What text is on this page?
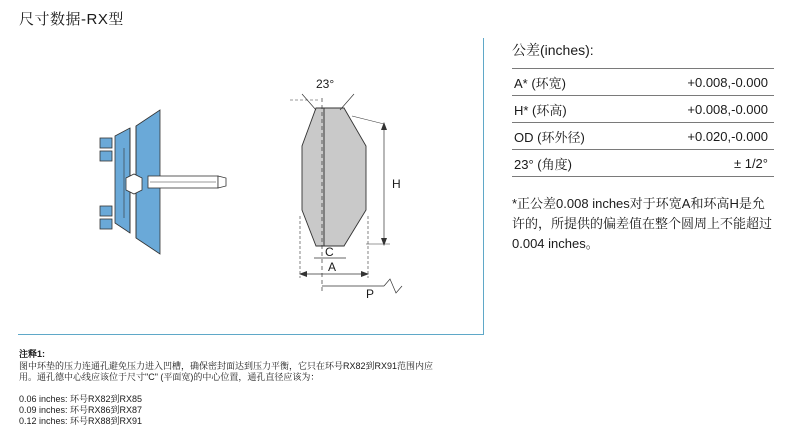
尺寸数据-RX型
23°
H
C
A
P
公差(inches):
A* (环宽)	+0.008,-0.000
H* (环高)	+0.008,-0.000
OD (环外径)	+0.020,-0.000
23° (角度)	± 1/2°
*正公差0.008 inches对于环宽A和环高H是允许的，所提供的偏差值在整个圆周上不能超过0.004 inches。
注释1:

图中环垫的压力连通孔避免压力进入凹槽，确保密封面达到压力平衡，它只在环号RX82到RX91范围内应用。通孔德中心线应该位于尺寸"C" (平面宽)的中心位置，通孔直径应该为：

0.06 inches: 环号RX82到RX85

0.09 inches: 环号RX86到RX87

0.12 inches: 环号RX88到RX91
